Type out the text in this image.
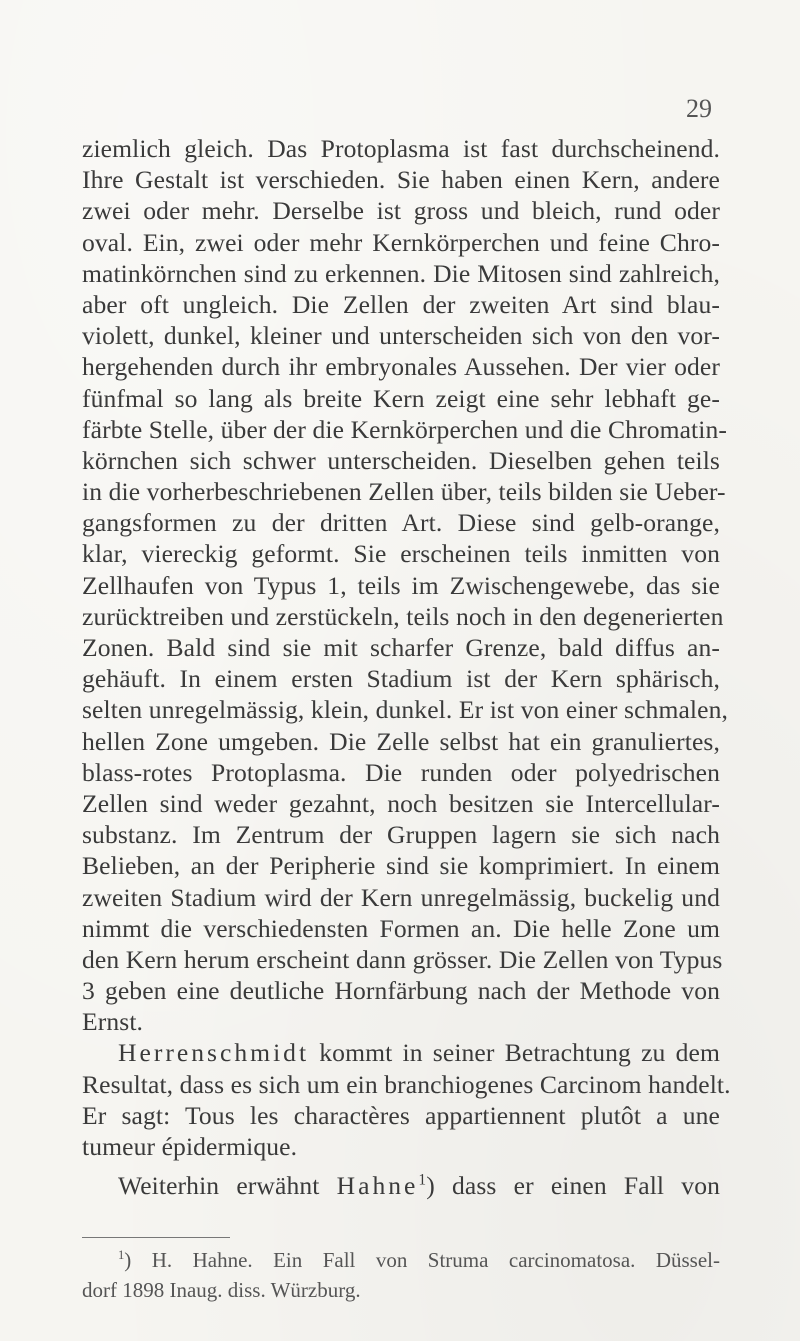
29
ziemlich gleich. Das Protoplasma ist fast durchscheinend.
Ihre Gestalt ist verschieden. Sie haben einen Kern, andere
zwei oder mehr. Derselbe ist gross und bleich, rund oder
oval. Ein, zwei oder mehr Kernkörperchen und feine Chro-
matinkörnchen sind zu erkennen. Die Mitosen sind zahlreich,
aber oft ungleich. Die Zellen der zweiten Art sind blau-
violett, dunkel, kleiner und unterscheiden sich von den vor-
hergehenden durch ihr embryonales Aussehen. Der vier oder
fünfmal so lang als breite Kern zeigt eine sehr lebhaft ge-
färbte Stelle, über der die Kernkörperchen und die Chromatin-
körnchen sich schwer unterscheiden. Dieselben gehen teils
in die vorherbeschriebenen Zellen über, teils bilden sie Ueber-
gangsformen zu der dritten Art. Diese sind gelb-orange,
klar, viereckig geformt. Sie erscheinen teils inmitten von
Zellhaufen von Typus 1, teils im Zwischengewebe, das sie
zurücktreiben und zerstückeln, teils noch in den degenerierten
Zonen. Bald sind sie mit scharfer Grenze, bald diffus an-
gehäuft. In einem ersten Stadium ist der Kern sphärisch,
selten unregelmässig, klein, dunkel. Er ist von einer schmalen,
hellen Zone umgeben. Die Zelle selbst hat ein granuliertes,
blass-rotes Protoplasma. Die runden oder polyedrischen
Zellen sind weder gezahnt, noch besitzen sie Intercellular-
substanz. Im Zentrum der Gruppen lagern sie sich nach
Belieben, an der Peripherie sind sie komprimiert. In einem
zweiten Stadium wird der Kern unregelmässig, buckelig und
nimmt die verschiedensten Formen an. Die helle Zone um
den Kern herum erscheint dann grösser. Die Zellen von Typus
3 geben eine deutliche Hornfärbung nach der Methode von
Ernst.
Herrenschmidt kommt in seiner Betrachtung zu dem
Resultat, dass es sich um ein branchiogenes Carcinom handelt.
Er sagt: Tous les charactères appartiennent plutôt a une
tumeur épidermique.
Weiterhin erwähnt Hahne$^1$) dass er einen Fall von
$^1$) H. Hahne. Ein Fall von Struma carcinomatosa. Düssel-
dorf 1898 Inaug. diss. Würzburg.
